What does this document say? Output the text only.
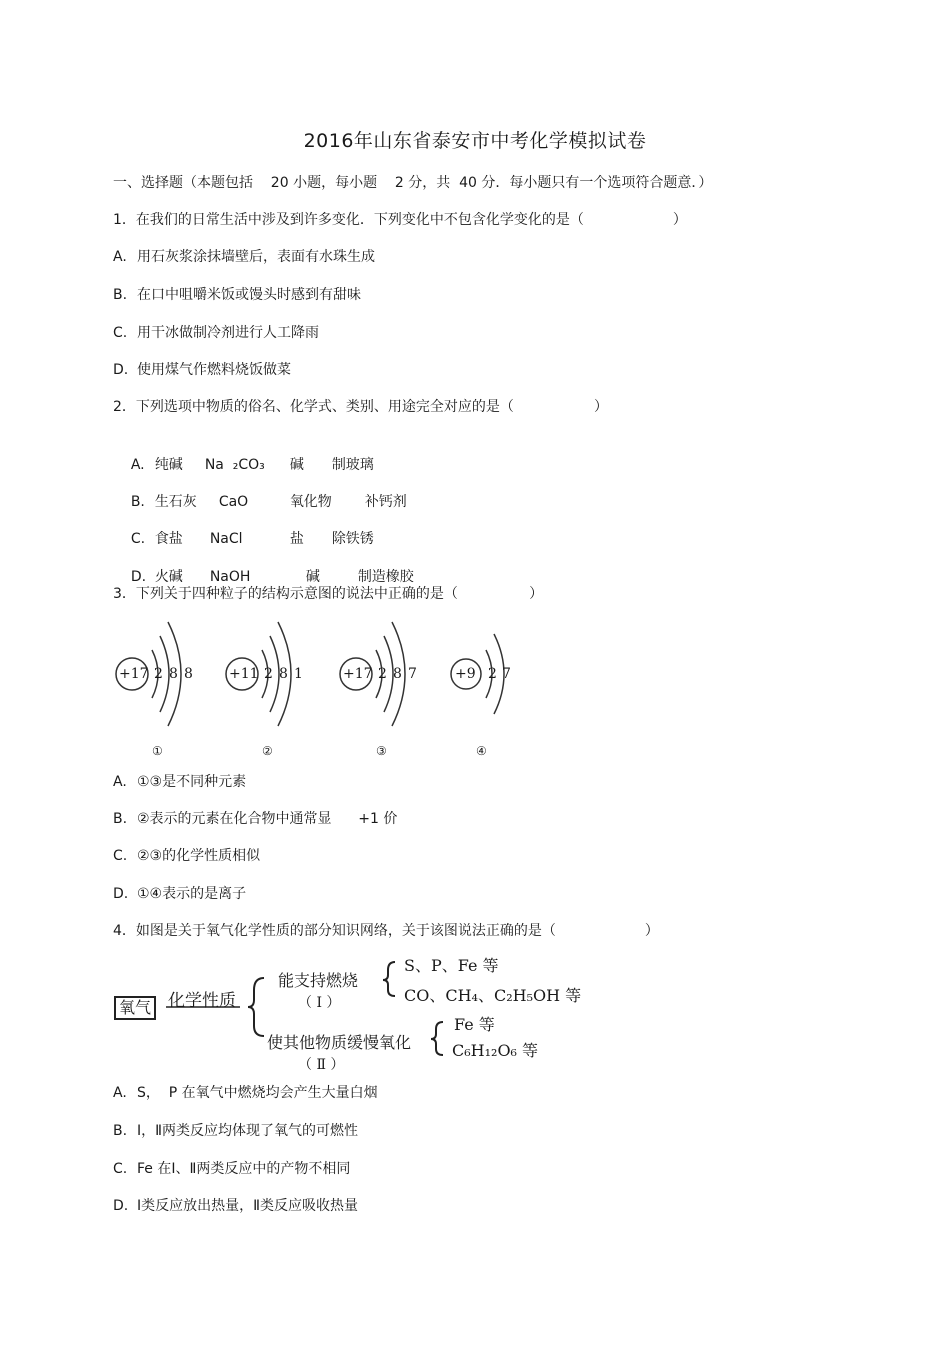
2016年山东省泰安市中考化学模拟试卷
一、选择题（本题包括    20 小题，每小题    2 分，共  40 分．每小题只有一个选项符合题意．）
1．在我们的日常生活中涉及到许多变化．下列变化中不包含化学变化的是（                    ）
A. 用石灰浆涂抹墙壁后，表面有水珠生成
B. 在口中咀嚼米饭或馒头时感到有甜味
C. 用干冰做制冷剂进行人工降雨
D. 使用煤气作燃料烧饭做菜
2．下列选项中物质的俗名、化学式、类别、用途完全对应的是（                  ）

A. 纯碱 Na  ₂CO₃ 碱 制玻璃

B. 生石灰 CaO	氧化物 补钙剂

C. 食盐 NaCl	盐 除铁锈

D. 火碱 NaOH	碱	制造橡胶

3．下列关于四种粒子的结构示意图的说法中正确的是（                ）
+17 2 8 8
①
+11 2 8 1
②
+17 2 8 7
③
+9 2 7
④
A. ①③是不同种元素
B. ②表示的元素在化合物中通常显      +1 价
C. ②③的化学性质相似
D. ①④表示的是离子
4．如图是关于氧气化学性质的部分知识网络，关于该图说法正确的是（                    ）
氧气 化学性质
能支持燃烧
（ Ⅰ ）
S、P、Fe 等
CO、CH₄、C₂H₅OH 等
使其他物质缓慢氧化
（ Ⅱ ）
Fe 等
C₆H₁₂O₆ 等
A. S，  P 在氧气中燃烧均会产生大量白烟
B. Ⅰ，Ⅱ两类反应均体现了氧气的可燃性
C. Fe 在Ⅰ、Ⅱ两类反应中的产物不相同
D. Ⅰ类反应放出热量，Ⅱ类反应吸收热量
